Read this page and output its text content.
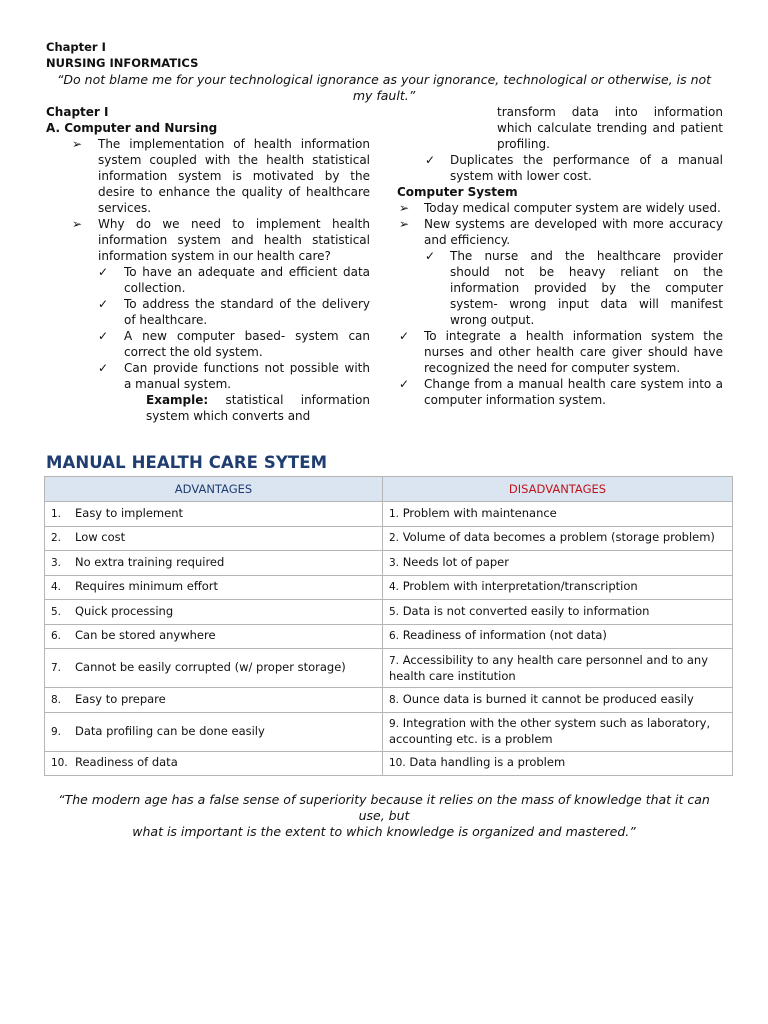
Chapter I
NURSING INFORMATICS
“Do not blame me for your technological ignorance as your ignorance, technological or otherwise, is not my fault.”

Chapter I

A. Computer and Nursing

➢ The implementation of health information system coupled with the health statistical information system is motivated by the desire to enhance the quality of healthcare services.
➢ Why do we need to implement health information system and health statistical information system in our health care?
✓ To have an adequate and efficient data collection.
✓ To address the standard of the delivery of healthcare.
✓ A new computer based- system can correct the old system.
✓ Can provide functions not possible with a manual system.
Example: statistical information system which converts and
transform data into information which calculate trending and patient profiling.
✓ Duplicates the performance of a manual system with lower cost.

Computer System

➢ Today medical computer system are widely used.
➢ New systems are developed with more accuracy and efficiency.
✓ The nurse and the healthcare provider should not be heavy reliant on the information provided by the computer system- wrong input data will manifest wrong output.
✓ To integrate a health information system the nurses and other health care giver should have recognized the need for computer system.
✓ Change from a manual health care system into a computer information system.
MANUAL HEALTH CARE SYTEM
ADVANTAGES	DISADVANTAGES
1. Easy to implement	1. Problem with maintenance
2. Low cost	2. Volume of data becomes a problem (storage problem)
3. No extra training required	3. Needs lot of paper
4. Requires minimum effort	4. Problem with interpretation/transcription
5. Quick processing	5. Data is not converted easily to information
6. Can be stored anywhere	6. Readiness of information (not data)
7. Cannot be easily corrupted (w/ proper storage)	7. Accessibility to any health care personnel and to any health care institution
8. Easy to prepare	8. Ounce data is burned it cannot be produced easily
9. Data profiling can be done easily	9. Integration with the other system such as laboratory, accounting etc. is a problem
10. Readiness of data	10. Data handling is a problem
“The modern age has a false sense of superiority because it relies on the mass of knowledge that it can use, but
what is important is the extent to which knowledge is organized and mastered.”
